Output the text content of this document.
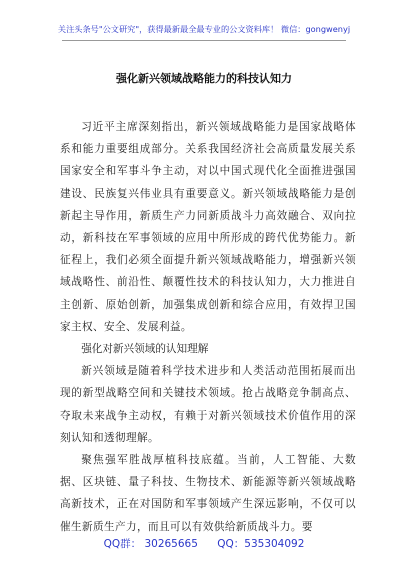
关注头条号"公文研究"，获得最新最全最专业的公文资料库！ 微信：gongwenyj
强化新兴领域战略能力的科技认知力

习近平主席深刻指出，新兴领域战略能力是国家战略体系和能力重要组成部分。关系我国经济社会高质量发展关系国家安全和军事斗争主动，对以中国式现代化全面推进强国建设、民族复兴伟业具有重要意义。新兴领域战略能力是创新起主导作用，新质生产力同新质战斗力高效融合、双向拉动，新科技在军事领域的应用中所形成的跨代优势能力。新征程上，我们必须全面提升新兴领域战略能力，增强新兴领域战略性、前沿性、颠覆性技术的科技认知力，大力推进自主创新、原始创新，加强集成创新和综合应用，有效捍卫国家主权、安全、发展利益。

强化对新兴领域的认知理解

新兴领域是随着科学技术进步和人类活动范围拓展而出现的新型战略空间和关键技术领域。抢占战略竞争制高点、夺取未来战争主动权，有赖于对新兴领域技术价值作用的深刻认知和透彻理解。

聚焦强军胜战厚植科技底蕴。当前，人工智能、大数据、区块链、量子科技、生物技术、新能源等新兴领域战略高新技术，正在对国防和军事领域产生深远影响，不仅可以催生新质生产力，而且可以有效供给新质战斗力。要

QQ群： 30265665 QQ：535304092
